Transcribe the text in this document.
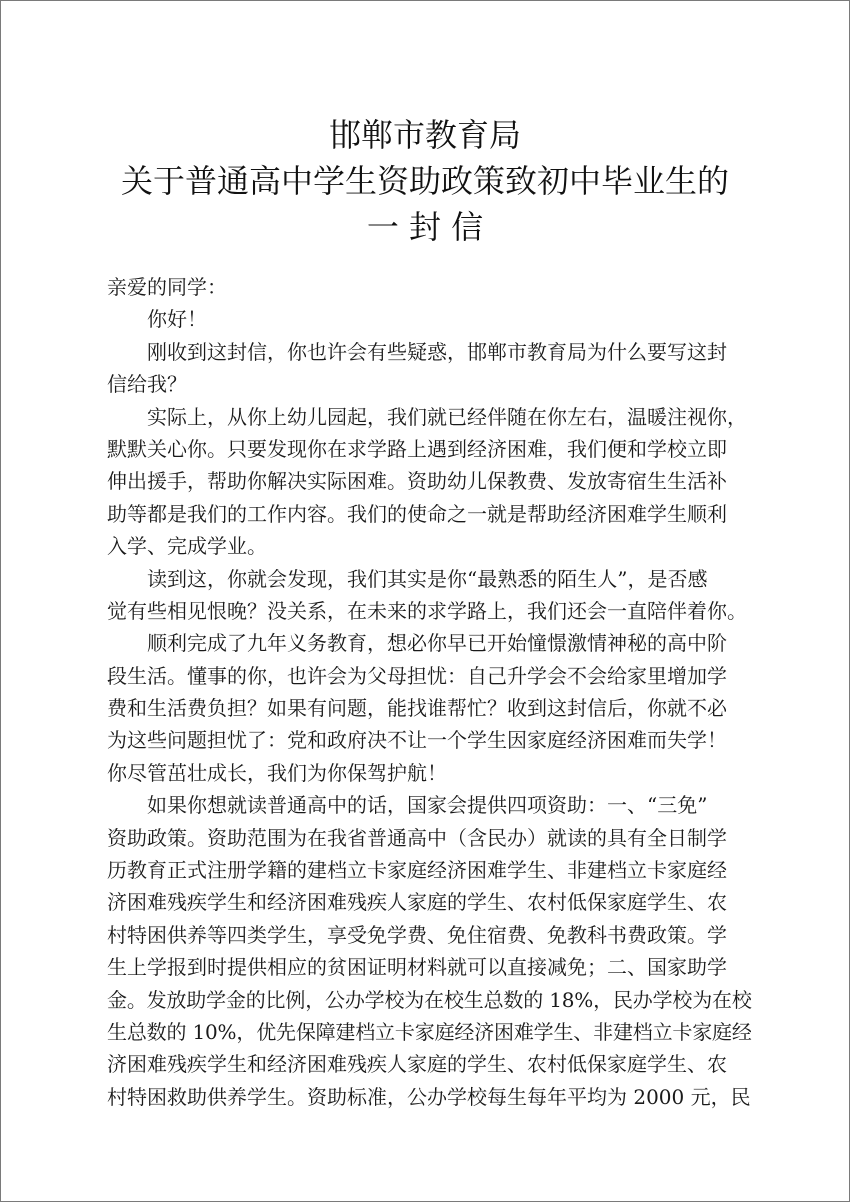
邯郸市教育局
关于普通高中学生资助政策致初中毕业生的
一 封 信
亲爱的同学：
你好！
刚收到这封信，你也许会有些疑惑，邯郸市教育局为什么要写这封
信给我？
实际上，从你上幼儿园起，我们就已经伴随在你左右，温暖注视你，
默默关心你。只要发现你在求学路上遇到经济困难，我们便和学校立即
伸出援手，帮助你解决实际困难。资助幼儿保教费、发放寄宿生生活补
助等都是我们的工作内容。我们的使命之一就是帮助经济困难学生顺利
入学、完成学业。
读到这，你就会发现，我们其实是你“最熟悉的陌生人”，是否感
觉有些相见恨晚？没关系，在未来的求学路上，我们还会一直陪伴着你。
顺利完成了九年义务教育，想必你早已开始憧憬激情神秘的高中阶
段生活。懂事的你，也许会为父母担忧：自己升学会不会给家里增加学
费和生活费负担？如果有问题，能找谁帮忙？收到这封信后，你就不必
为这些问题担忧了：党和政府决不让一个学生因家庭经济困难而失学！
你尽管茁壮成长，我们为你保驾护航！
如果你想就读普通高中的话，国家会提供四项资助：一、“三免”
资助政策。资助范围为在我省普通高中（含民办）就读的具有全日制学
历教育正式注册学籍的建档立卡家庭经济困难学生、非建档立卡家庭经
济困难残疾学生和经济困难残疾人家庭的学生、农村低保家庭学生、农
村特困供养等四类学生，享受免学费、免住宿费、免教科书费政策。学
生上学报到时提供相应的贫困证明材料就可以直接减免；二、国家助学
金。发放助学金的比例，公办学校为在校生总数的 18%，民办学校为在校
生总数的 10%，优先保障建档立卡家庭经济困难学生、非建档立卡家庭经
济困难残疾学生和经济困难残疾人家庭的学生、农村低保家庭学生、农
村特困救助供养学生。资助标准，公办学校每生每年平均为 2000 元，民
